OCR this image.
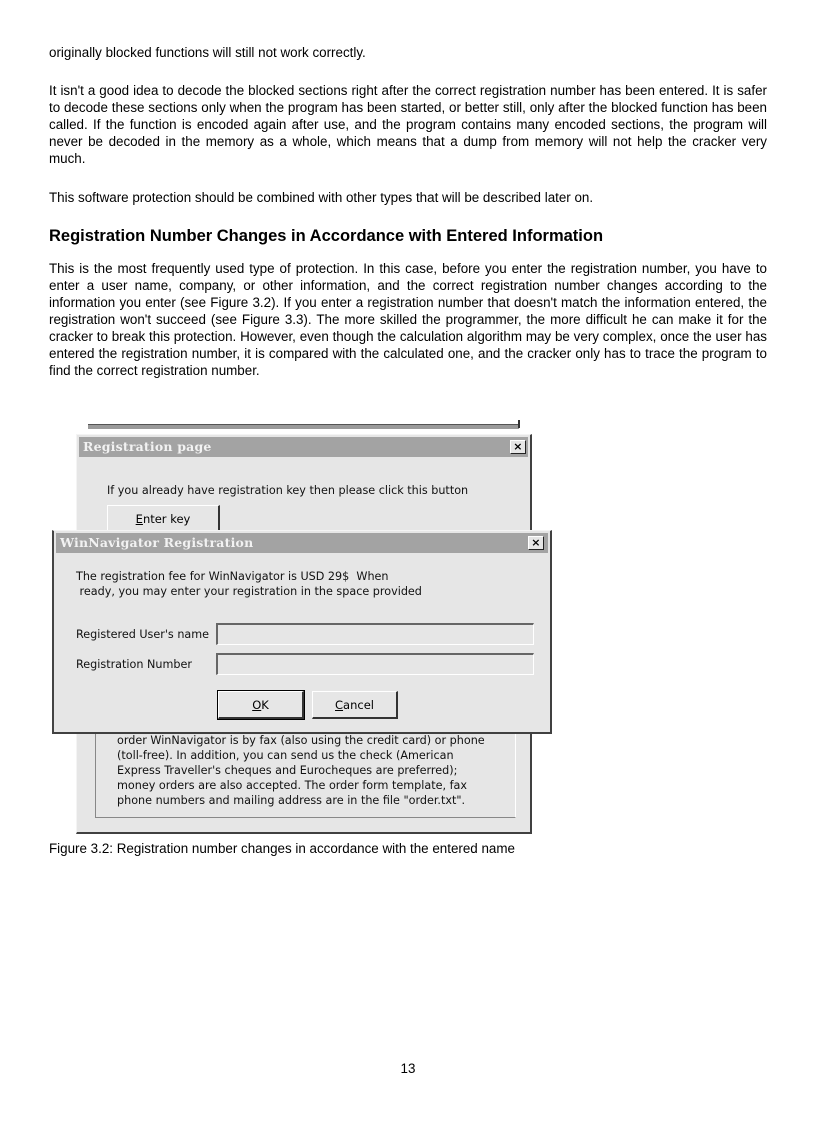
originally blocked functions will still not work correctly.

It isn't a good idea to decode the blocked sections right after the correct registration number has been entered. It is safer to decode these sections only when the program has been started, or better still, only after the blocked function has been called. If the function is encoded again after use, and the program contains many encoded sections, the program will never be decoded in the memory as a whole, which means that a dump from memory will not help the cracker very much.

This software protection should be combined with other types that will be described later on.

Registration Number Changes in Accordance with Entered Information

This is the most frequently used type of protection. In this case, before you enter the registration number, you have to enter a user name, company, or other information, and the correct registration number changes according to the information you enter (see Figure 3.2). If you enter a registration number that doesn't match the information entered, the registration won't succeed (see Figure 3.3). The more skilled the programmer, the more difficult he can make it for the cracker to break this protection. However, even though the calculation algorithm may be very complex, once the user has entered the registration number, it is compared with the calculated one, and the cracker only has to trace the program to find the correct registration number.

Registration page	×

If you already have registration key then please click this button

Enter key

order WinNavigator is by fax (also using the credit card) or phone

(toll-free). In addition, you can send us the check (American

Express Traveller's cheques and Eurocheques are preferred);

money orders are also accepted. The order form template, fax

phone numbers and mailing address are in the file "order.txt".

WinNavigator Registration	×

The registration fee for WinNavigator is USD 29$  When

ready, you may enter your registration in the space provided

Registered User's name
Registration Number
OK	Cancel

Figure 3.2: Registration number changes in accordance with the entered name

13
